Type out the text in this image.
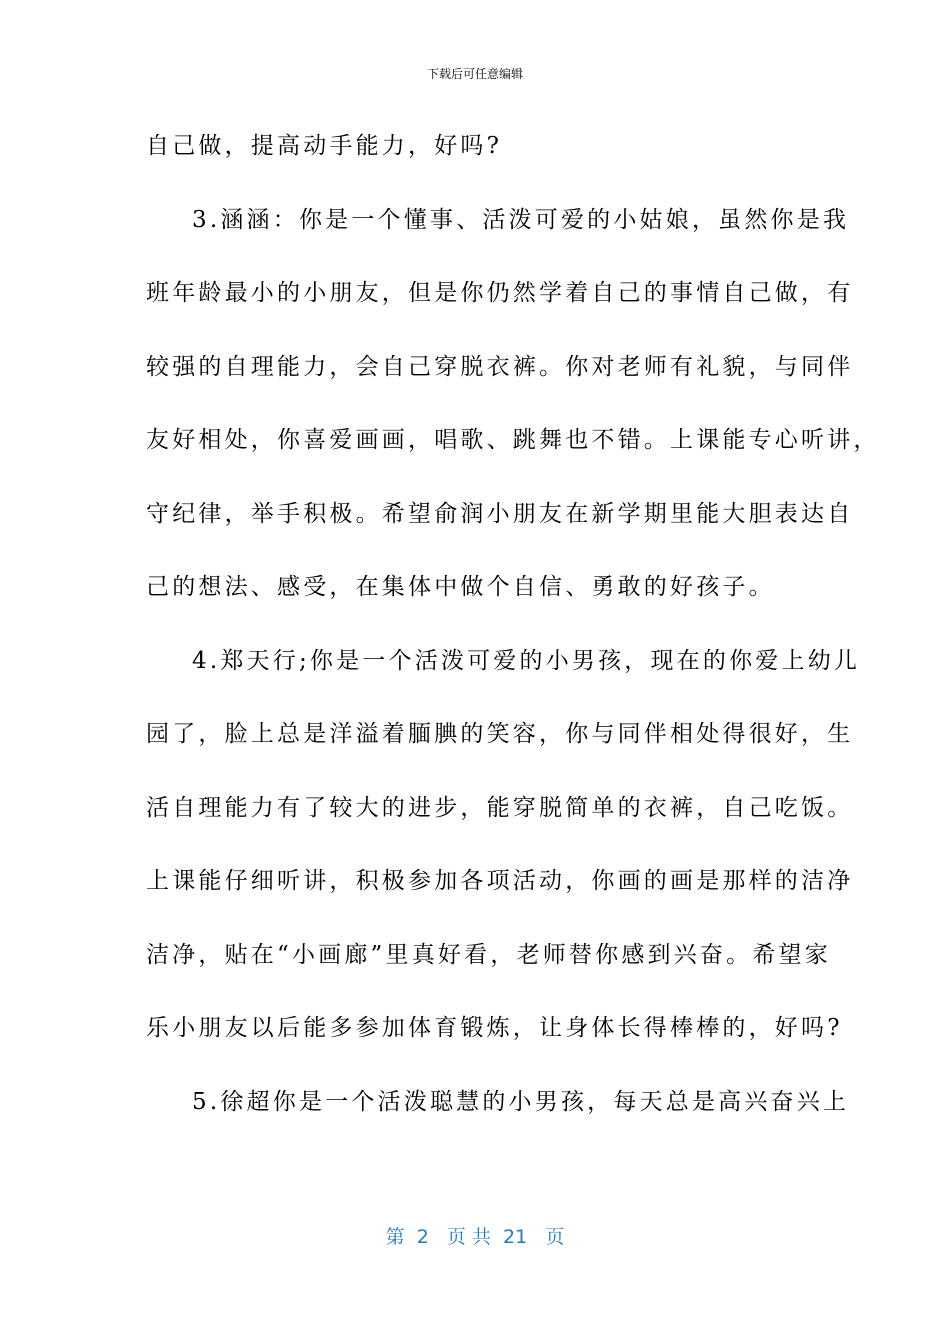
下载后可任意编辑
自己做，提高动手能力，好吗?
3.涵涵：你是一个懂事、活泼可爱的小姑娘，虽然你是我
班年龄最小的小朋友，但是你仍然学着自己的事情自己做，有
较强的自理能力，会自己穿脱衣裤。你对老师有礼貌，与同伴
友好相处，你喜爱画画，唱歌、跳舞也不错。上课能专心听讲，
守纪律，举手积极。希望俞润小朋友在新学期里能大胆表达自
己的想法、感受，在集体中做个自信、勇敢的好孩子。
4.郑天行;你是一个活泼可爱的小男孩，现在的你爱上幼儿
园了，脸上总是洋溢着腼腆的笑容，你与同伴相处得很好，生
活自理能力有了较大的进步，能穿脱简单的衣裤，自己吃饭。
上课能仔细听讲，积极参加各项活动，你画的画是那样的洁净
洁净，贴在“小画廊”里真好看，老师替你感到兴奋。希望家
乐小朋友以后能多参加体育锻炼，让身体长得棒棒的，好吗?
5.徐超你是一个活泼聪慧的小男孩，每天总是高兴奋兴上
第  2   页 共  21   页
